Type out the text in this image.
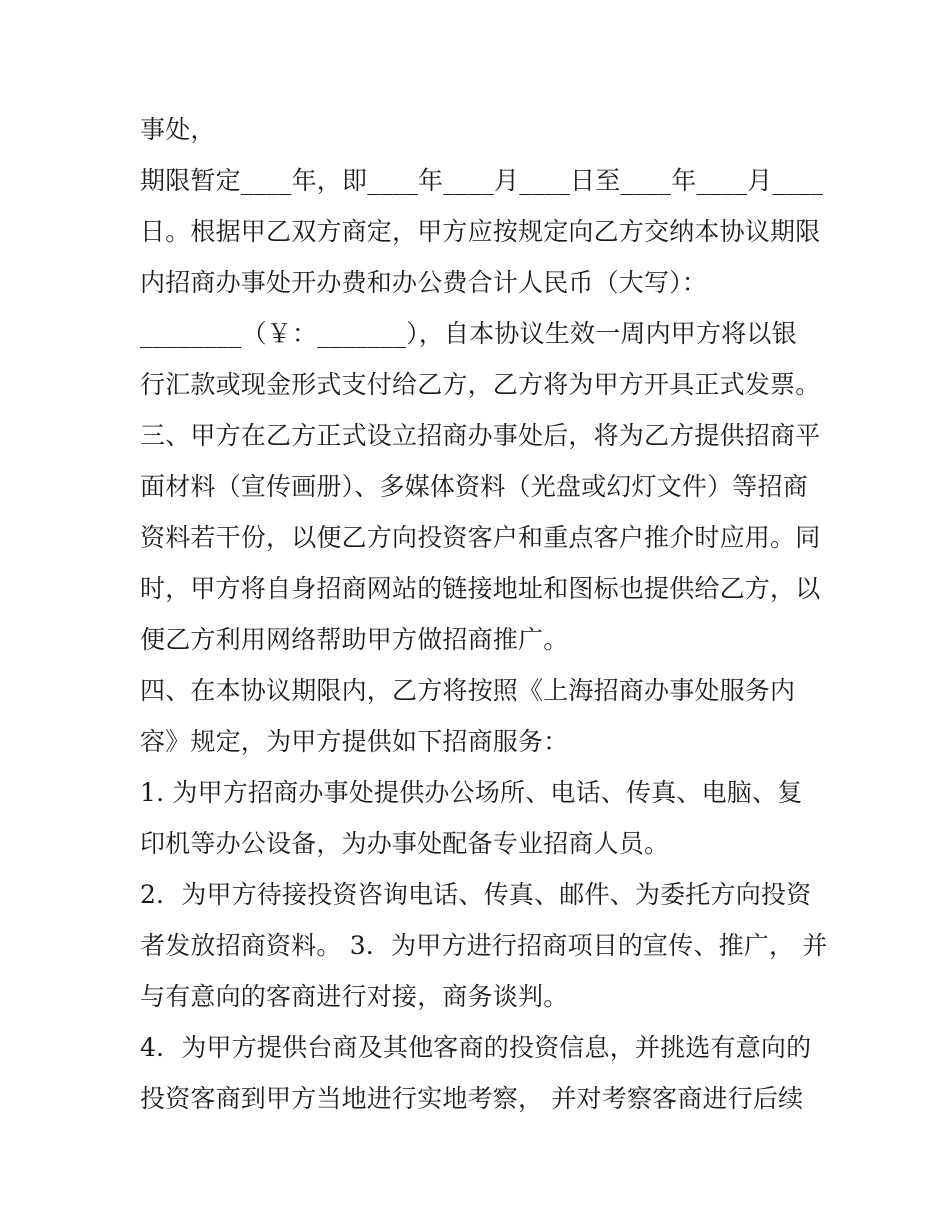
事处，
期限暂定____年，即____年____月____日至____年____月____
日。根据甲乙双方商定，甲方应按规定向乙方交纳本协议期限
内招商办事处开办费和办公费合计人民币（大写）：
________（￥：_______），自本协议生效一周内甲方将以银
行汇款或现金形式支付给乙方，乙方将为甲方开具正式发票。
三、甲方在乙方正式设立招商办事处后，将为乙方提供招商平
面材料（宣传画册）、多媒体资料（光盘或幻灯文件）等招商
资料若干份，以便乙方向投资客户和重点客户推介时应用。同
时，甲方将自身招商网站的链接地址和图标也提供给乙方，以
便乙方利用网络帮助甲方做招商推广。
四、在本协议期限内，乙方将按照《上海招商办事处服务内
容》规定，为甲方提供如下招商服务：
1. 为甲方招商办事处提供办公场所、电话、传真、电脑、复
印机等办公设备，为办事处配备专业招商人员。
2．为甲方待接投资咨询电话、传真、邮件、为委托方向投资
者发放招商资料。 3．为甲方进行招商项目的宣传、推广， 并
与有意向的客商进行对接，商务谈判。
4．为甲方提供台商及其他客商的投资信息，并挑选有意向的
投资客商到甲方当地进行实地考察， 并对考察客商进行后续
